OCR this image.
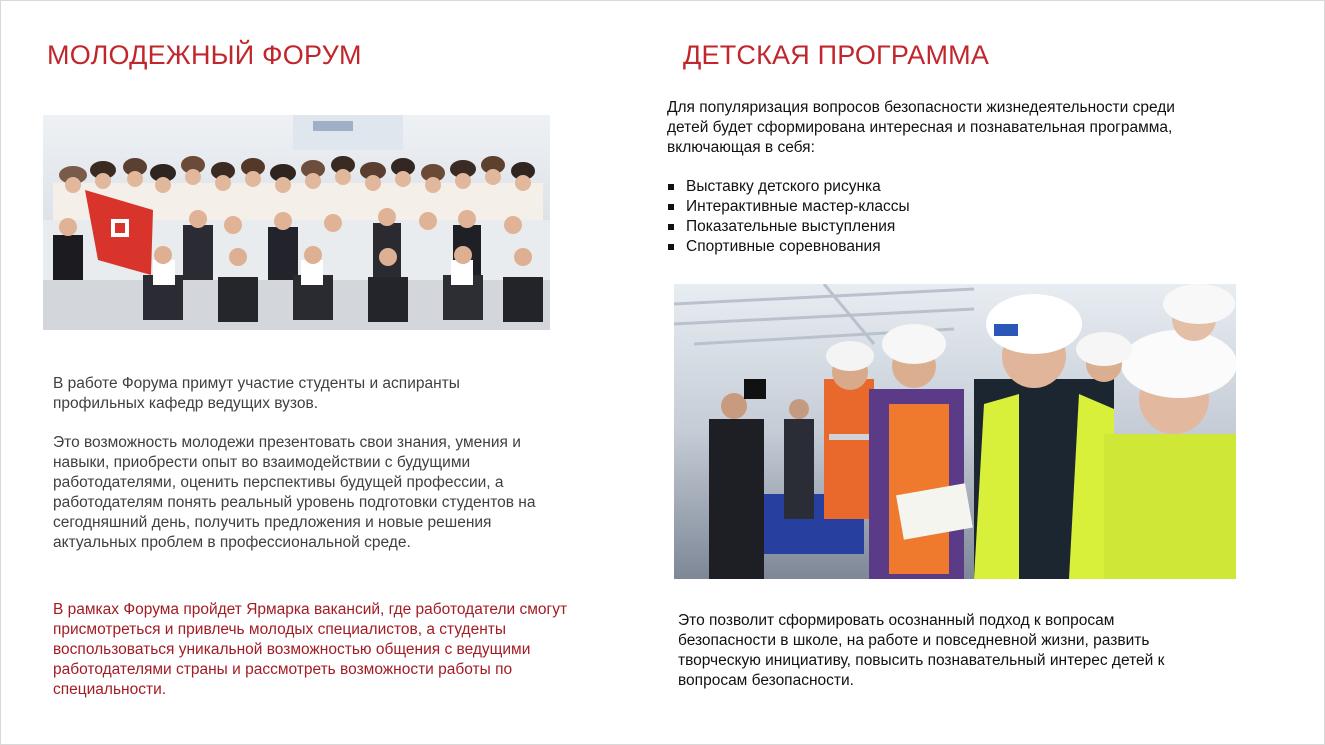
МОЛОДЕЖНЫЙ ФОРУМ	ДЕТСКАЯ ПРОГРАММА
В работе Форума примут участие студенты и аспиранты
профильных кафедр ведущих вузов.
Это возможность молодежи презентовать свои знания, умения и
навыки, приобрести опыт во взаимодействии с будущими
работодателями, оценить перспективы будущей профессии, а
работодателям понять реальный уровень подготовки студентов на
сегодняшний день, получить предложения и новые решения
актуальных проблем в профессиональной среде.
В рамках Форума пройдет Ярмарка вакансий, где работодатели смогут
присмотреться и привлечь молодых специалистов, а студенты
воспользоваться уникальной возможностью общения с ведущими
работодателями страны и рассмотреть возможности работы по
специальности.
Для популяризация вопросов безопасности жизнедеятельности среди
детей будет сформирована интересная и познавательная программа,
включающая в себя:
Выставку детского рисунка
Интерактивные мастер-классы
Показательные выступления
Спортивные соревнования
Это позволит сформировать осознанный подход к вопросам
безопасности в школе, на работе и повседневной жизни, развить
творческую инициативу, повысить познавательный интерес детей к
вопросам безопасности.
